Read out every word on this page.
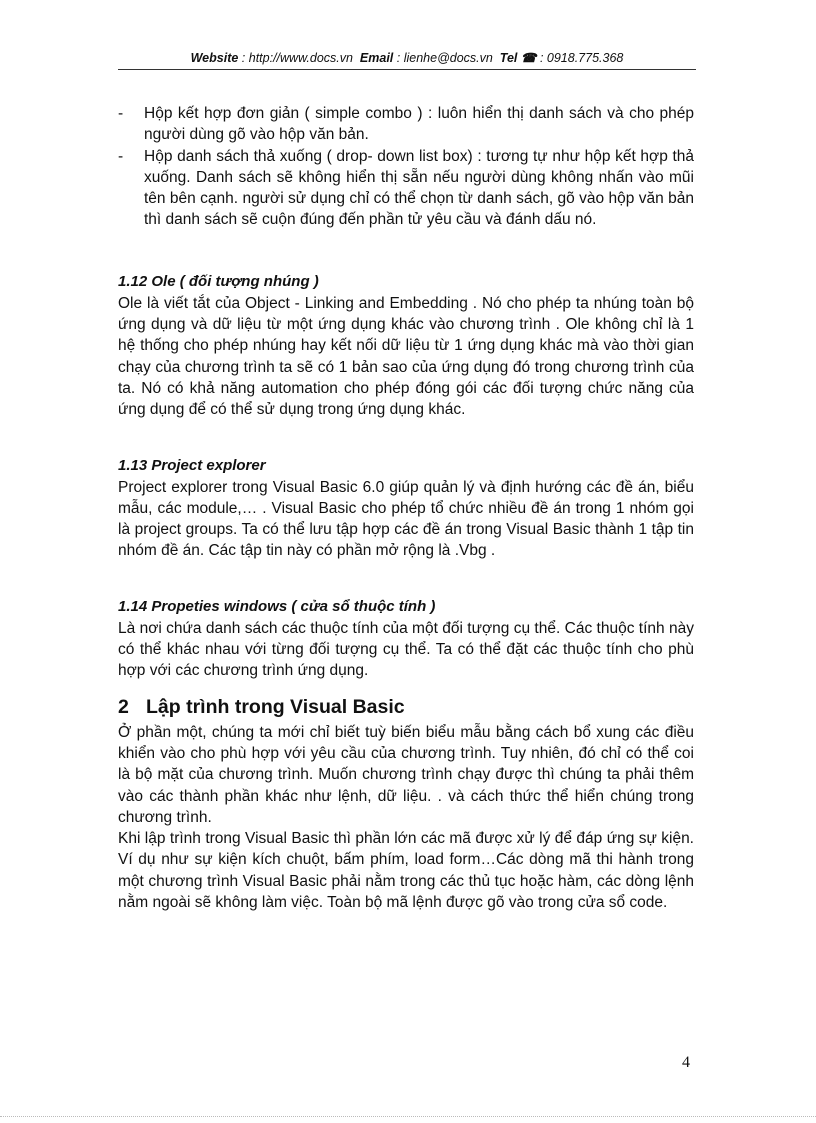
Website : http://www.docs.vn Email : lienhe@docs.vn Tel ☎ : 0918.775.368
- Hộp kết hợp đơn giản ( simple combo ) : luôn hiển thị danh sách và cho phép người dùng gõ vào hộp văn bản.
- Hộp danh sách thả xuống ( drop- down list box) : tương tự như hộp kết hợp thả xuống. Danh sách sẽ không hiển thị sẵn nếu người dùng không nhấn vào mũi tên bên cạnh. người sử dụng chỉ có thể chọn từ danh sách, gõ vào hộp văn bản thì danh sách sẽ cuộn đúng đến phần tử yêu cầu và đánh dấu nó.
1.12 Ole ( đối tượng nhúng )

Ole là viết tắt của Object - Linking and Embedding . Nó cho phép ta nhúng toàn bộ ứng dụng và dữ liệu từ một ứng dụng khác vào chương trình . Ole không chỉ là 1 hệ thống cho phép nhúng hay kết nối dữ liệu từ 1 ứng dụng khác mà vào thời gian chạy của chương trình ta sẽ có 1 bản sao của ứng dụng đó trong chương trình của ta. Nó có khả năng automation cho phép đóng gói các đối tượng chức năng của ứng dụng để có thể sử dụng trong ứng dụng khác.

1.13 Project explorer

Project explorer trong Visual Basic 6.0 giúp quản lý và định hướng các đề án, biểu mẫu, các module,… . Visual Basic cho phép tổ chức nhiều đề án trong 1 nhóm gọi là project groups. Ta có thể lưu tập hợp các đề án trong Visual Basic thành 1 tập tin nhóm đề án. Các tập tin này có phần mở rộng là .Vbg .

1.14 Propeties windows ( cửa sổ thuộc tính )

Là nơi chứa danh sách các thuộc tính của một đối tượng cụ thể. Các thuộc tính này có thể khác nhau với từng đối tượng cụ thể. Ta có thể đặt các thuộc tính cho phù hợp với các chương trình ứng dụng.

2 Lập trình trong Visual Basic

Ở phần một, chúng ta mới chỉ biết tuỳ biến biểu mẫu bằng cách bổ xung các điều khiển vào cho phù hợp với yêu cầu của chương trình. Tuy nhiên, đó chỉ có thể coi là bộ mặt của chương trình. Muốn chương trình chạy được thì chúng ta phải thêm vào các thành phần khác như lệnh, dữ liệu. . và cách thức thể hiển chúng trong chương trình.

Khi lập trình trong Visual Basic thì phần lớn các mã được xử lý để đáp ứng sự kiện. Ví dụ như sự kiện kích chuột, bấm phím, load form…Các dòng mã thi hành trong một chương trình Visual Basic phải nằm trong các thủ tục hoặc hàm, các dòng lệnh nằm ngoài sẽ không làm việc. Toàn bộ mã lệnh được gõ vào trong cửa sổ code.

4
